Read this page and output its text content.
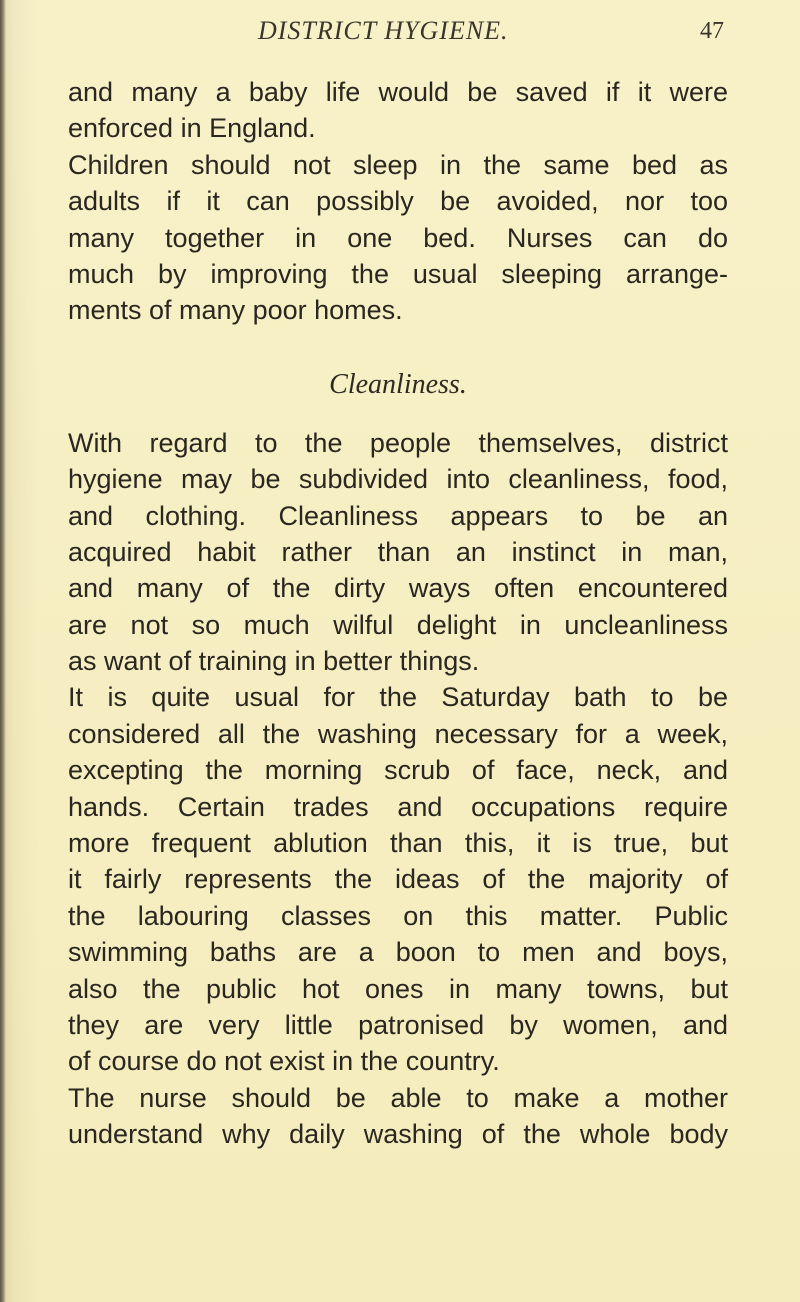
DISTRICT HYGIENE.	47
and many a baby life would be saved if it were
enforced in England.
Children should not sleep in the same bed as
adults if it can possibly be avoided, nor too
many together in one bed. Nurses can do
much by improving the usual sleeping arrange-
ments of many poor homes.
Cleanliness.
With regard to the people themselves, district
hygiene may be subdivided into cleanliness, food,
and clothing. Cleanliness appears to be an
acquired habit rather than an instinct in man,
and many of the dirty ways often encountered
are not so much wilful delight in uncleanliness
as want of training in better things.
It is quite usual for the Saturday bath to be
considered all the washing necessary for a week,
excepting the morning scrub of face, neck, and
hands. Certain trades and occupations require
more frequent ablution than this, it is true, but
it fairly represents the ideas of the majority of
the labouring classes on this matter. Public
swimming baths are a boon to men and boys,
also the public hot ones in many towns, but
they are very little patronised by women, and
of course do not exist in the country.
The nurse should be able to make a mother
understand why daily washing of the whole body
